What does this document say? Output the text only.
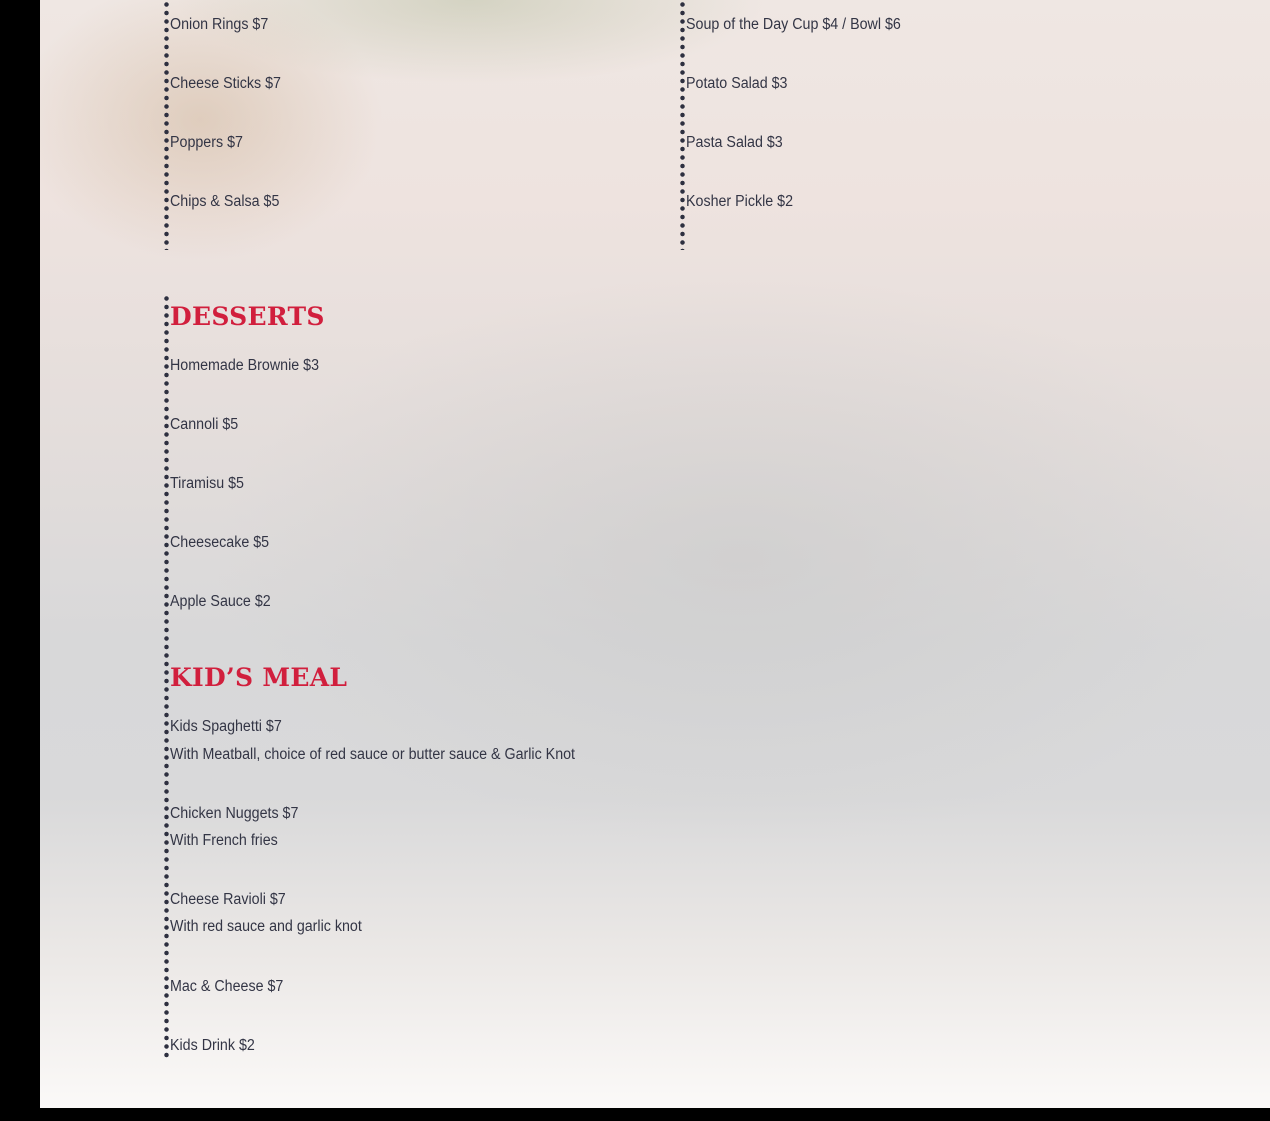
Onion Rings $7
Cheese Sticks $7
Poppers $7
Chips & Salsa $5
Soup of the Day Cup $4 / Bowl $6
Potato Salad $3
Pasta Salad $3
Kosher Pickle $2
DESSERTS
Homemade Brownie $3
Cannoli $5
Tiramisu $5
Cheesecake $5
Apple Sauce $2
KID’S MEAL
Kids Spaghetti $7
With Meatball, choice of red sauce or butter sauce & Garlic Knot
Chicken Nuggets $7
With French fries
Cheese Ravioli $7
With red sauce and garlic knot
Mac & Cheese $7
Kids Drink $2
